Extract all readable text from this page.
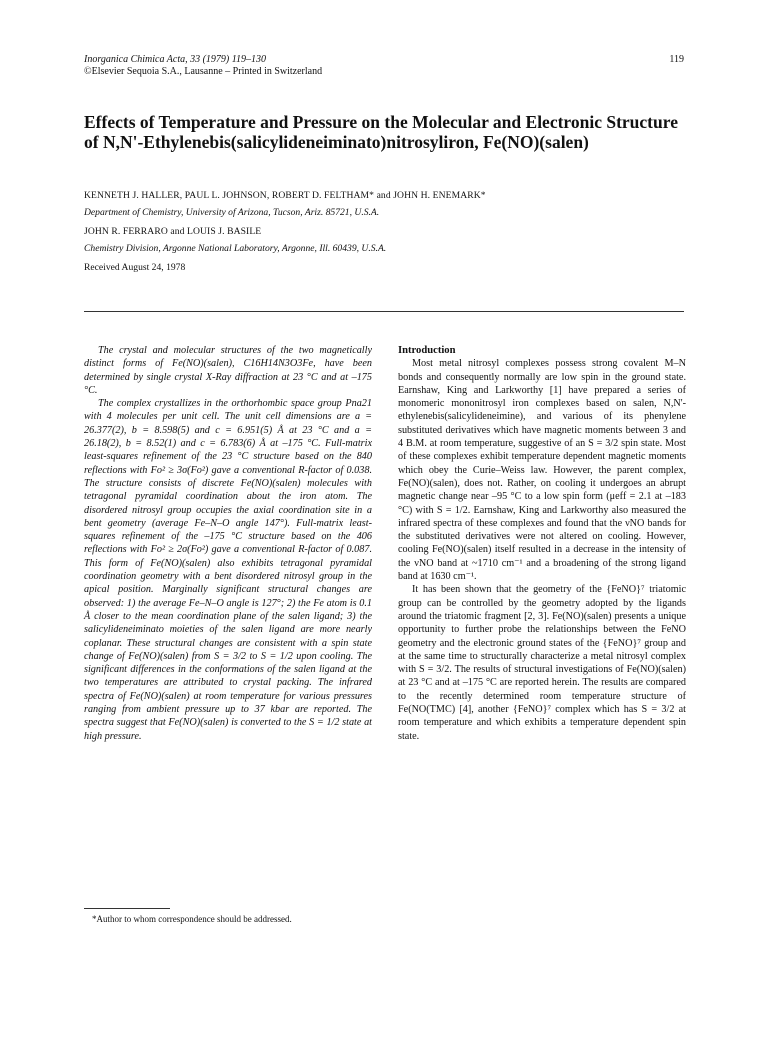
Inorganica Chimica Acta, 33 (1979) 119–130
©Elsevier Sequoia S.A., Lausanne – Printed in Switzerland
119
Effects of Temperature and Pressure on the Molecular and Electronic Structure of N,N'-Ethylenebis(salicylideneiminato)nitrosyliron, Fe(NO)(salen)
KENNETH J. HALLER, PAUL L. JOHNSON, ROBERT D. FELTHAM* and JOHN H. ENEMARK*
Department of Chemistry, University of Arizona, Tucson, Ariz. 85721, U.S.A.
JOHN R. FERRARO and LOUIS J. BASILE
Chemistry Division, Argonne National Laboratory, Argonne, Ill. 60439, U.S.A.
Received August 24, 1978

The crystal and molecular structures of the two magnetically distinct forms of Fe(NO)(salen), C16H14N3O3Fe, have been determined by single crystal X-Ray diffraction at 23 °C and at –175 °C.

The complex crystallizes in the orthorhombic space group Pna21 with 4 molecules per unit cell. The unit cell dimensions are a = 26.377(2), b = 8.598(5) and c = 6.951(5) Å at 23 °C and a = 26.18(2), b = 8.52(1) and c = 6.783(6) Å at –175 °C. Full-matrix least-squares refinement of the 23 °C structure based on the 840 reflections with Fo² ≥ 3σ(Fo²) gave a conventional R-factor of 0.038. The structure consists of discrete Fe(NO)(salen) molecules with tetragonal pyramidal coordination about the iron atom. The disordered nitrosyl group occupies the axial coordination site in a bent geometry (average Fe–N–O angle 147°). Full-matrix least-squares refinement of the –175 °C structure based on the 406 reflections with Fo² ≥ 2σ(Fo²) gave a conventional R-factor of 0.087. This form of Fe(NO)(salen) also exhibits tetragonal pyramidal coordination geometry with a bent disordered nitrosyl group in the apical position. Marginally significant structural changes are observed: 1) the average Fe–N–O angle is 127°; 2) the Fe atom is 0.1 Å closer to the mean coordination plane of the salen ligand; 3) the salicylideneiminato moieties of the salen ligand are more nearly coplanar. These structural changes are consistent with a spin state change of Fe(NO)(salen) from S = 3/2 to S = 1/2 upon cooling. The significant differences in the conformations of the salen ligand at the two temperatures are attributed to crystal packing. The infrared spectra of Fe(NO)(salen) at room temperature for various pressures ranging from ambient pressure up to 37 kbar are reported. The spectra suggest that Fe(NO)(salen) is converted to the S = 1/2 state at high pressure.

Introduction

Most metal nitrosyl complexes possess strong covalent M–N bonds and consequently normally are low spin in the ground state. Earnshaw, King and Larkworthy [1] have prepared a series of monomeric mononitrosyl iron complexes based on salen, N,N'-ethylenebis(salicylideneimine), and various of its phenylene substituted derivatives which have magnetic moments between 3 and 4 B.M. at room temperature, suggestive of an S = 3/2 spin state. Most of these complexes exhibit temperature dependent magnetic moments which obey the Curie–Weiss law. However, the parent complex, Fe(NO)(salen), does not. Rather, on cooling it undergoes an abrupt magnetic change near –95 °C to a low spin form (μeff = 2.1 at –183 °C) with S = 1/2. Earnshaw, King and Larkworthy also measured the infrared spectra of these complexes and found that the νNO bands for the substituted derivatives were not altered on cooling. However, cooling Fe(NO)(salen) itself resulted in a decrease in the intensity of the νNO band at ~1710 cm⁻¹ and a broadening of the strong ligand band at 1630 cm⁻¹.

It has been shown that the geometry of the {FeNO}⁷ triatomic group can be controlled by the geometry adopted by the ligands around the triatomic fragment [2, 3]. Fe(NO)(salen) presents a unique opportunity to further probe the relationships between the FeNO geometry and the electronic ground states of the {FeNO}⁷ group and at the same time to structurally characterize a metal nitrosyl complex with S = 3/2. The results of structural investigations of Fe(NO)(salen) at 23 °C and at –175 °C are reported herein. The results are compared to the recently determined room temperature structure of Fe(NO(TMC) [4], another {FeNO}⁷ complex which has S = 3/2 at room temperature and which exhibits a temperature dependent spin state.

*Author to whom correspondence should be addressed.
